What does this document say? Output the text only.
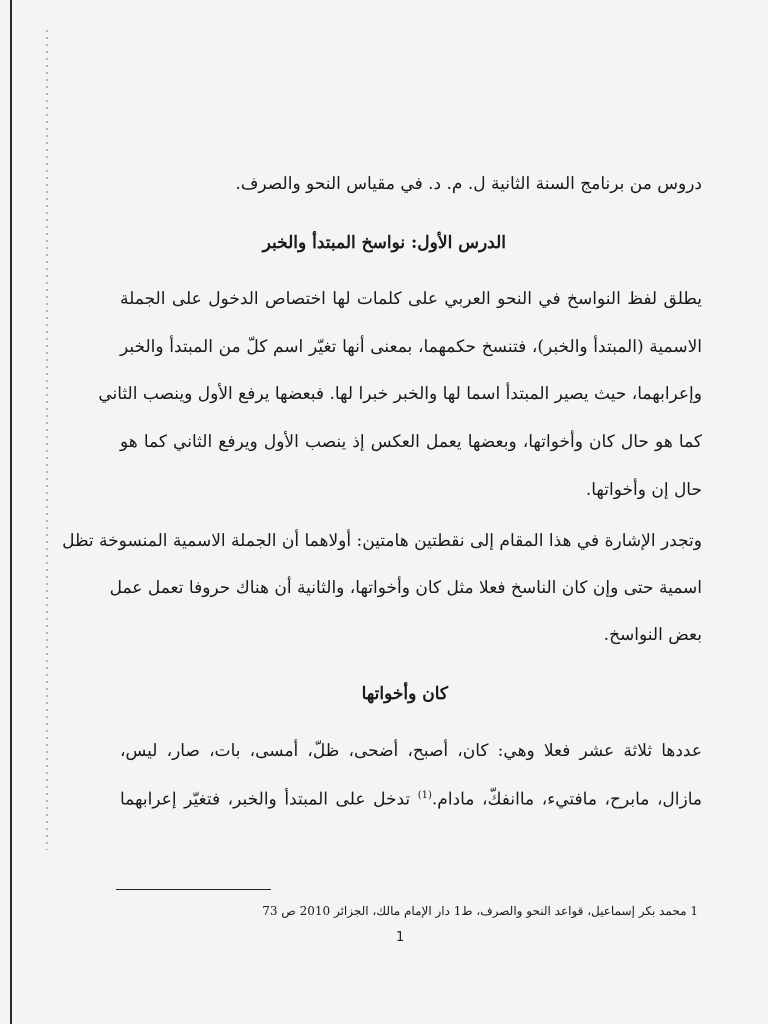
دروس من برنامج السنة الثانية ل. م. د. في مقياس النحو والصرف.
الدرس الأول: نواسخ المبتدأ والخبر
يطلق لفظ النواسخ في النحو العربي على كلمات لها اختصاص الدخول على الجملة
الاسمية (المبتدأ والخبر)، فتنسخ حكمهما، بمعنى أنها تغيّر اسم كلّ من المبتدأ والخبر
وإعرابهما، حيث يصير المبتدأ اسما لها والخبر خبرا لها. فبعضها يرفع الأول وينصب الثاني
كما هو حال كان وأخواتها، وبعضها يعمل العكس إذ ينصب الأول ويرفع الثاني كما هو
حال إن وأخواتها.
وتجدر الإشارة في هذا المقام إلى نقطتين هامتين: أولاهما أن الجملة الاسمية المنسوخة تظل
اسمية حتى وإن كان الناسخ فعلا مثل كان وأخواتها، والثانية أن هناك حروفا تعمل عمل
بعض النواسخ.
كان وأخواتها
عددها ثلاثة عشر فعلا وهي: كان، أصبح، أضحى، ظلّ، أمسى، بات، صار، ليس،
مازال، مابرح، مافتيء، ماانفكّ، مادام.$^{(1)}$ تدخل على المبتدأ والخبر، فتغيّر إعرابهما
1 محمد بكر إسماعيل، قواعد النحو والصرف، ط1 دار الإمام مالك، الجزائر 2010 ص 73
1
